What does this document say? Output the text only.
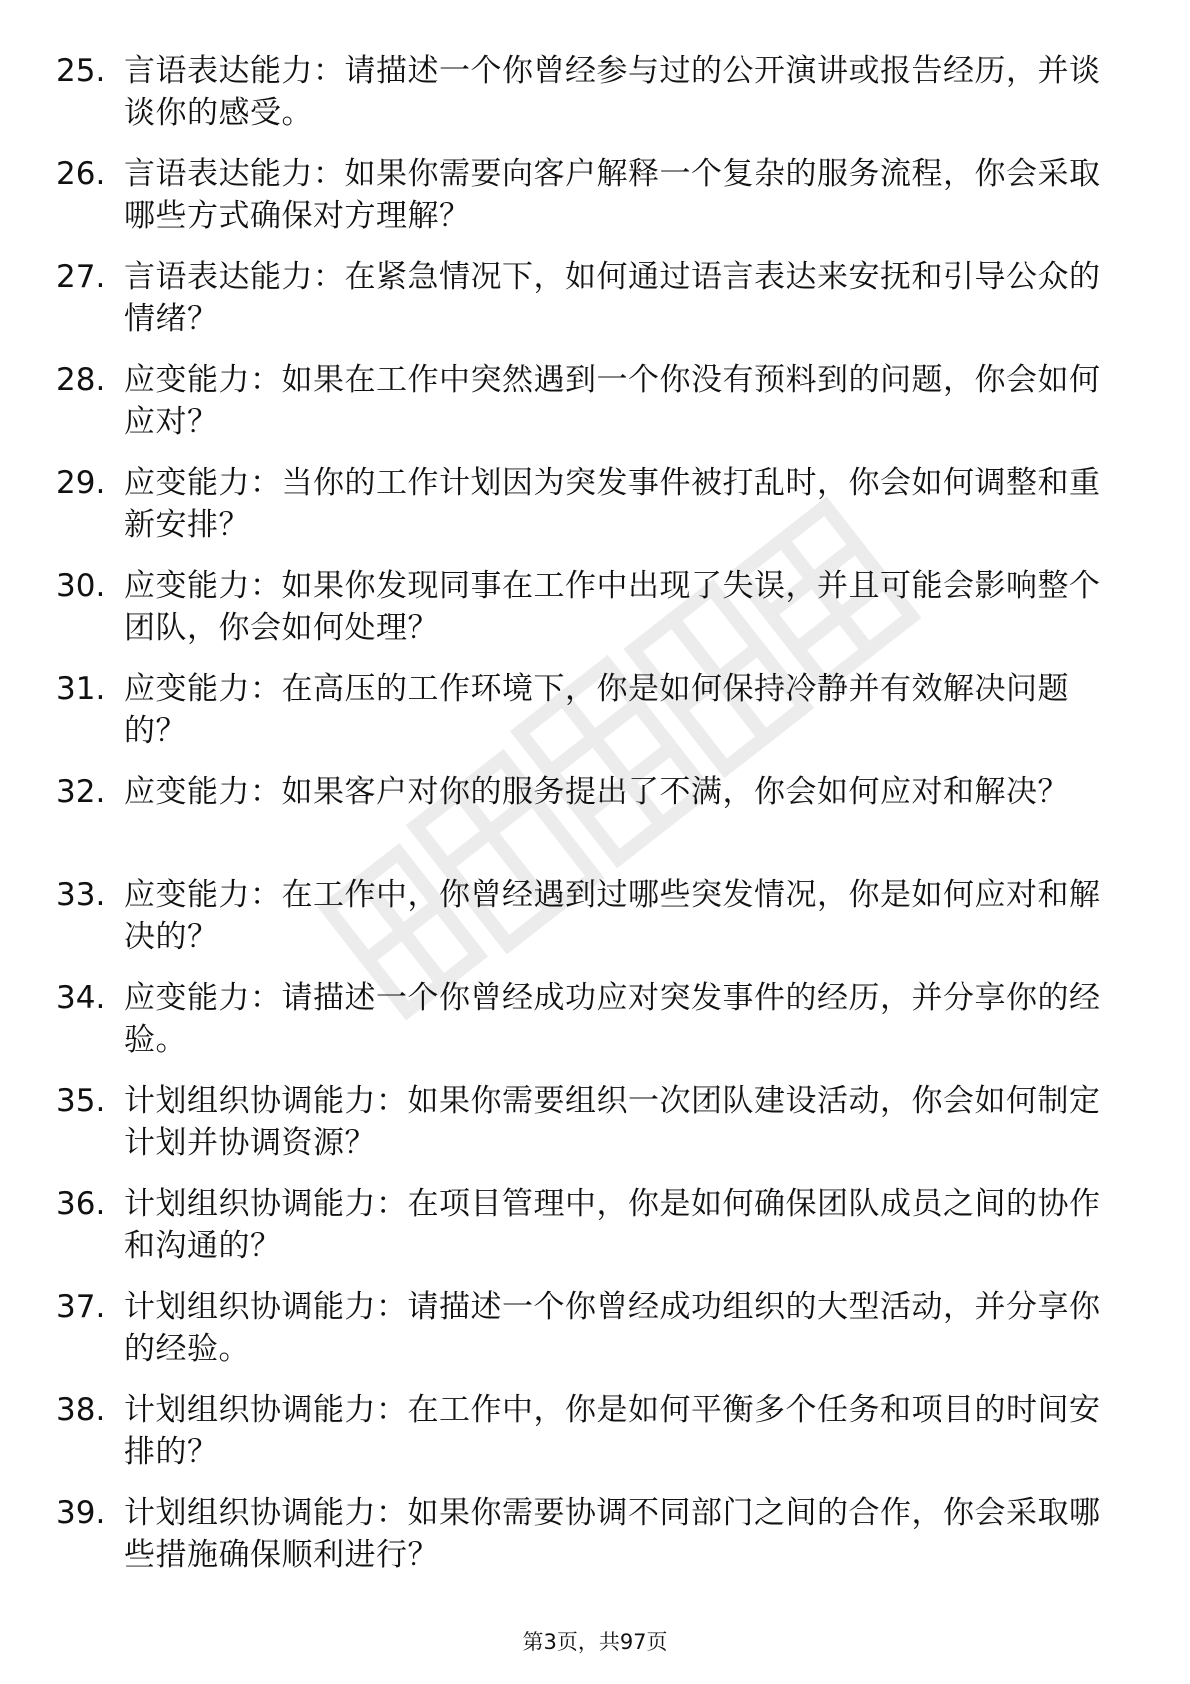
25. 言语表达能力：请描述一个你曾经参与过的公开演讲或报告经历，并谈谈你的感受。
26. 言语表达能力：如果你需要向客户解释一个复杂的服务流程，你会采取哪些方式确保对方理解？
27. 言语表达能力：在紧急情况下，如何通过语言表达来安抚和引导公众的情绪？
28. 应变能力：如果在工作中突然遇到一个你没有预料到的问题，你会如何应对？
29. 应变能力：当你的工作计划因为突发事件被打乱时，你会如何调整和重新安排？
30. 应变能力：如果你发现同事在工作中出现了失误，并且可能会影响整个团队，你会如何处理？
31. 应变能力：在高压的工作环境下，你是如何保持冷静并有效解决问题的？
32. 应变能力：如果客户对你的服务提出了不满，你会如何应对和解决？
33. 应变能力：在工作中，你曾经遇到过哪些突发情况，你是如何应对和解决的？
34. 应变能力：请描述一个你曾经成功应对突发事件的经历，并分享你的经验。
35. 计划组织协调能力：如果你需要组织一次团队建设活动，你会如何制定计划并协调资源？
36. 计划组织协调能力：在项目管理中，你是如何确保团队成员之间的协作和沟通的？
37. 计划组织协调能力：请描述一个你曾经成功组织的大型活动，并分享你的经验。
38. 计划组织协调能力：在工作中，你是如何平衡多个任务和项目的时间安排的？
39. 计划组织协调能力：如果你需要协调不同部门之间的合作，你会采取哪些措施确保顺利进行？
第3页，共97页
